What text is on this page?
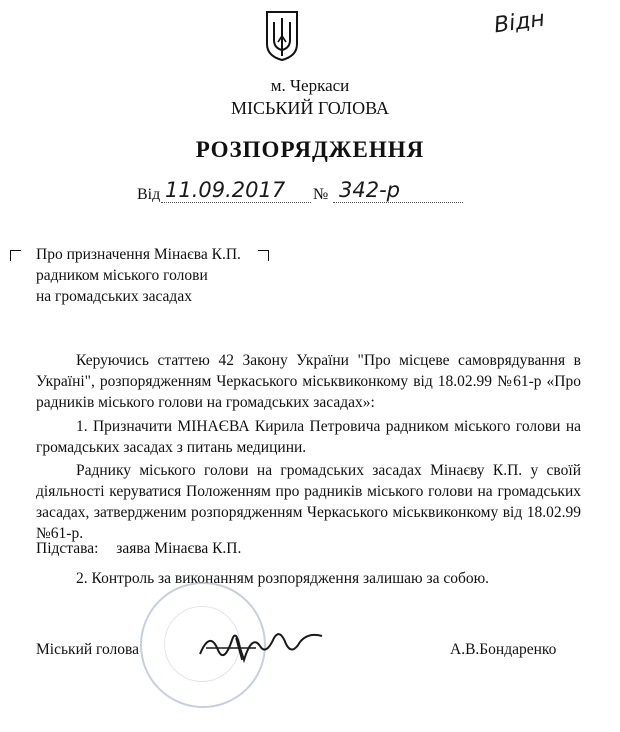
Відн
м. Черкаси
МІСЬКИЙ ГОЛОВА
РОЗПОРЯДЖЕННЯ
Від 11.09.2017 № 342-р
Про призначення Мінаєва К.П.
радником міського голови
на громадських засадах
Керуючись статтею 42 Закону України "Про місцеве самоврядування в Україні", розпорядженням Черкаського міськвиконкому від 18.02.99 №61-р «Про радників міського голови на громадських засадах»:
1. Призначити МІНАЄВА Кирила Петровича радником міського голови на громадських засадах з питань медицини.
Раднику міського голови на громадських засадах Мінаєву К.П. у своїй діяльності керуватися Положенням про радників міського голови на громадських засадах, затвердженим розпорядженням Черкаського міськвиконкому від 18.02.99 №61-р.
Підстава: заява Мінаєва К.П.
2. Контроль за виконанням розпорядження залишаю за собою.
Міський голова	А.В.Бондаренко
